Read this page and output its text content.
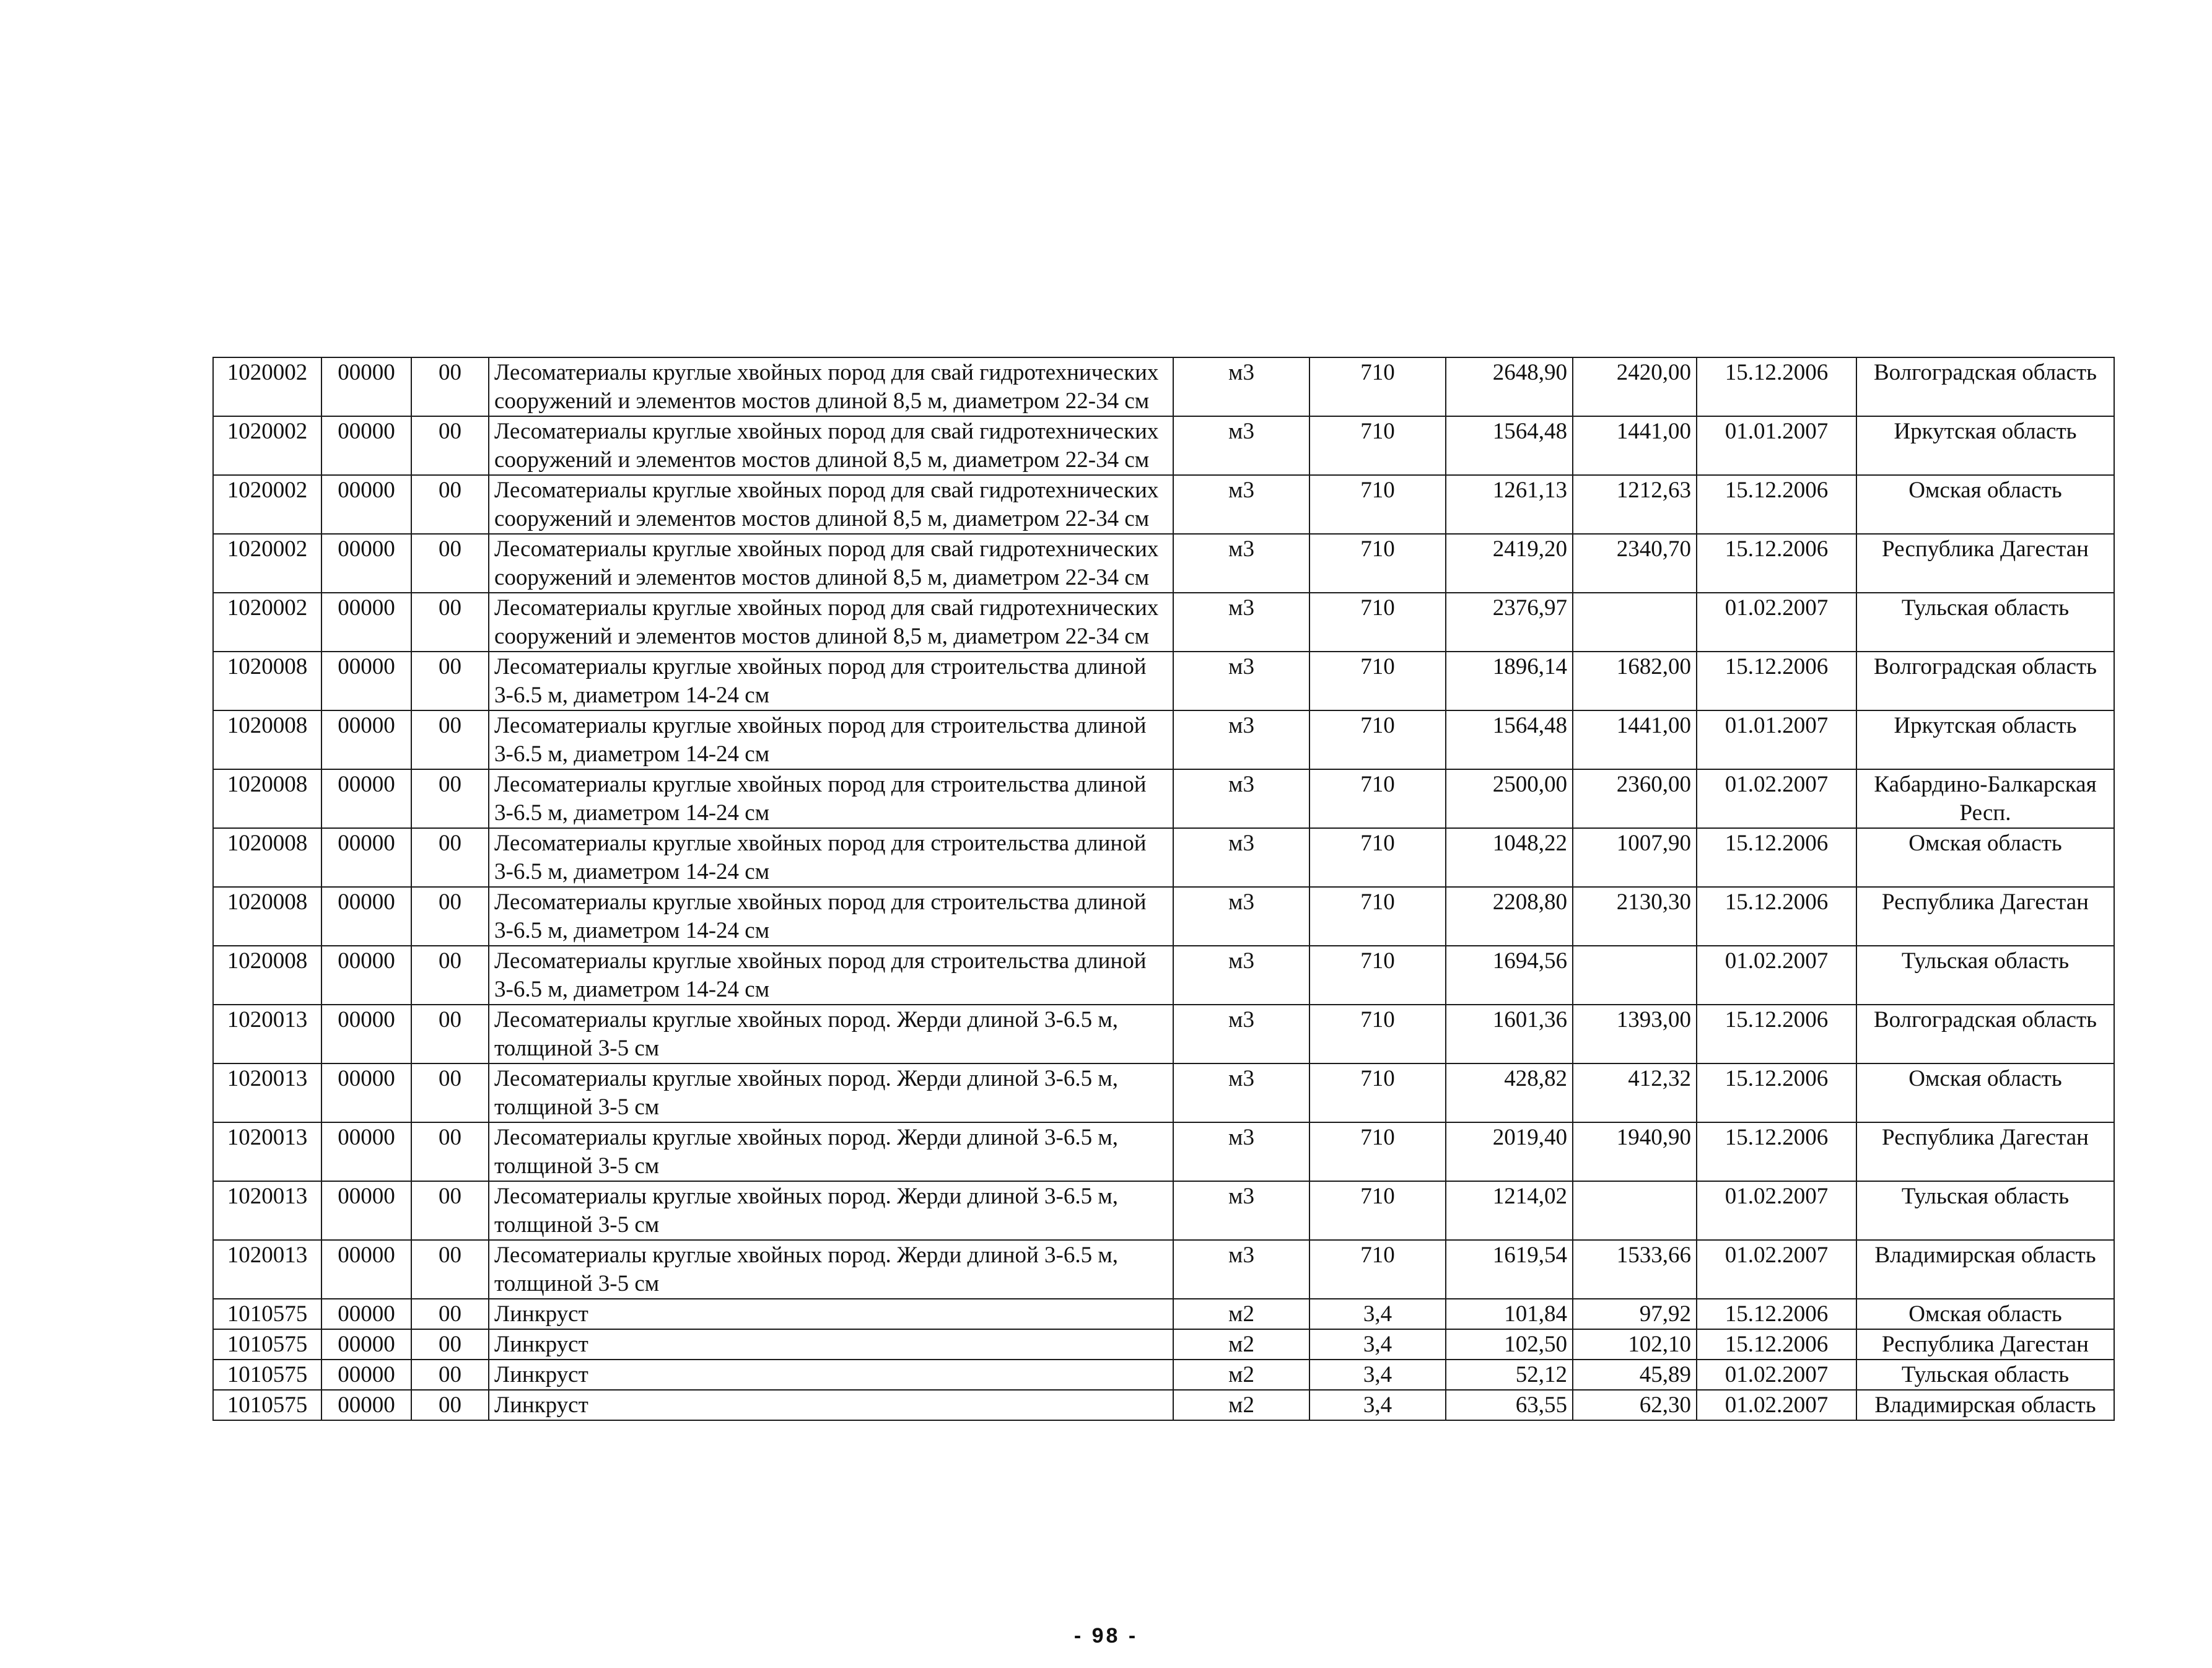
1020002	00000	00	Лесоматериалы круглые хвойных пород для свай гидротехнических сооружений и элементов мостов длиной 8,5 м, диаметром 22-34 см	м3	710	2648,90	2420,00	15.12.2006	Волгоградская область
1020002	00000	00	Лесоматериалы круглые хвойных пород для свай гидротехнических сооружений и элементов мостов длиной 8,5 м, диаметром 22-34 см	м3	710	1564,48	1441,00	01.01.2007	Иркутская область
1020002	00000	00	Лесоматериалы круглые хвойных пород для свай гидротехнических сооружений и элементов мостов длиной 8,5 м, диаметром 22-34 см	м3	710	1261,13	1212,63	15.12.2006	Омская область
1020002	00000	00	Лесоматериалы круглые хвойных пород для свай гидротехнических сооружений и элементов мостов длиной 8,5 м, диаметром 22-34 см	м3	710	2419,20	2340,70	15.12.2006	Республика Дагестан
1020002	00000	00	Лесоматериалы круглые хвойных пород для свай гидротехнических сооружений и элементов мостов длиной 8,5 м, диаметром 22-34 см	м3	710	2376,97		01.02.2007	Тульская область
1020008	00000	00	Лесоматериалы круглые хвойных пород для строительства длиной 3-6.5 м, диаметром 14-24 см	м3	710	1896,14	1682,00	15.12.2006	Волгоградская область
1020008	00000	00	Лесоматериалы круглые хвойных пород для строительства длиной 3-6.5 м, диаметром 14-24 см	м3	710	1564,48	1441,00	01.01.2007	Иркутская область
1020008	00000	00	Лесоматериалы круглые хвойных пород для строительства длиной 3-6.5 м, диаметром 14-24 см	м3	710	2500,00	2360,00	01.02.2007	Кабардино-Балкарская Респ.
1020008	00000	00	Лесоматериалы круглые хвойных пород для строительства длиной 3-6.5 м, диаметром 14-24 см	м3	710	1048,22	1007,90	15.12.2006	Омская область
1020008	00000	00	Лесоматериалы круглые хвойных пород для строительства длиной 3-6.5 м, диаметром 14-24 см	м3	710	2208,80	2130,30	15.12.2006	Республика Дагестан
1020008	00000	00	Лесоматериалы круглые хвойных пород для строительства длиной 3-6.5 м, диаметром 14-24 см	м3	710	1694,56		01.02.2007	Тульская область
1020013	00000	00	Лесоматериалы круглые хвойных пород. Жерди длиной 3-6.5 м, толщиной 3-5 см	м3	710	1601,36	1393,00	15.12.2006	Волгоградская область
1020013	00000	00	Лесоматериалы круглые хвойных пород. Жерди длиной 3-6.5 м, толщиной 3-5 см	м3	710	428,82	412,32	15.12.2006	Омская область
1020013	00000	00	Лесоматериалы круглые хвойных пород. Жерди длиной 3-6.5 м, толщиной 3-5 см	м3	710	2019,40	1940,90	15.12.2006	Республика Дагестан
1020013	00000	00	Лесоматериалы круглые хвойных пород. Жерди длиной 3-6.5 м, толщиной 3-5 см	м3	710	1214,02		01.02.2007	Тульская область
1020013	00000	00	Лесоматериалы круглые хвойных пород. Жерди длиной 3-6.5 м, толщиной 3-5 см	м3	710	1619,54	1533,66	01.02.2007	Владимирская область
1010575	00000	00	Линкруст	м2	3,4	101,84	97,92	15.12.2006	Омская область
1010575	00000	00	Линкруст	м2	3,4	102,50	102,10	15.12.2006	Республика Дагестан
1010575	00000	00	Линкруст	м2	3,4	52,12	45,89	01.02.2007	Тульская область
1010575	00000	00	Линкруст	м2	3,4	63,55	62,30	01.02.2007	Владимирская область
- 98 -
